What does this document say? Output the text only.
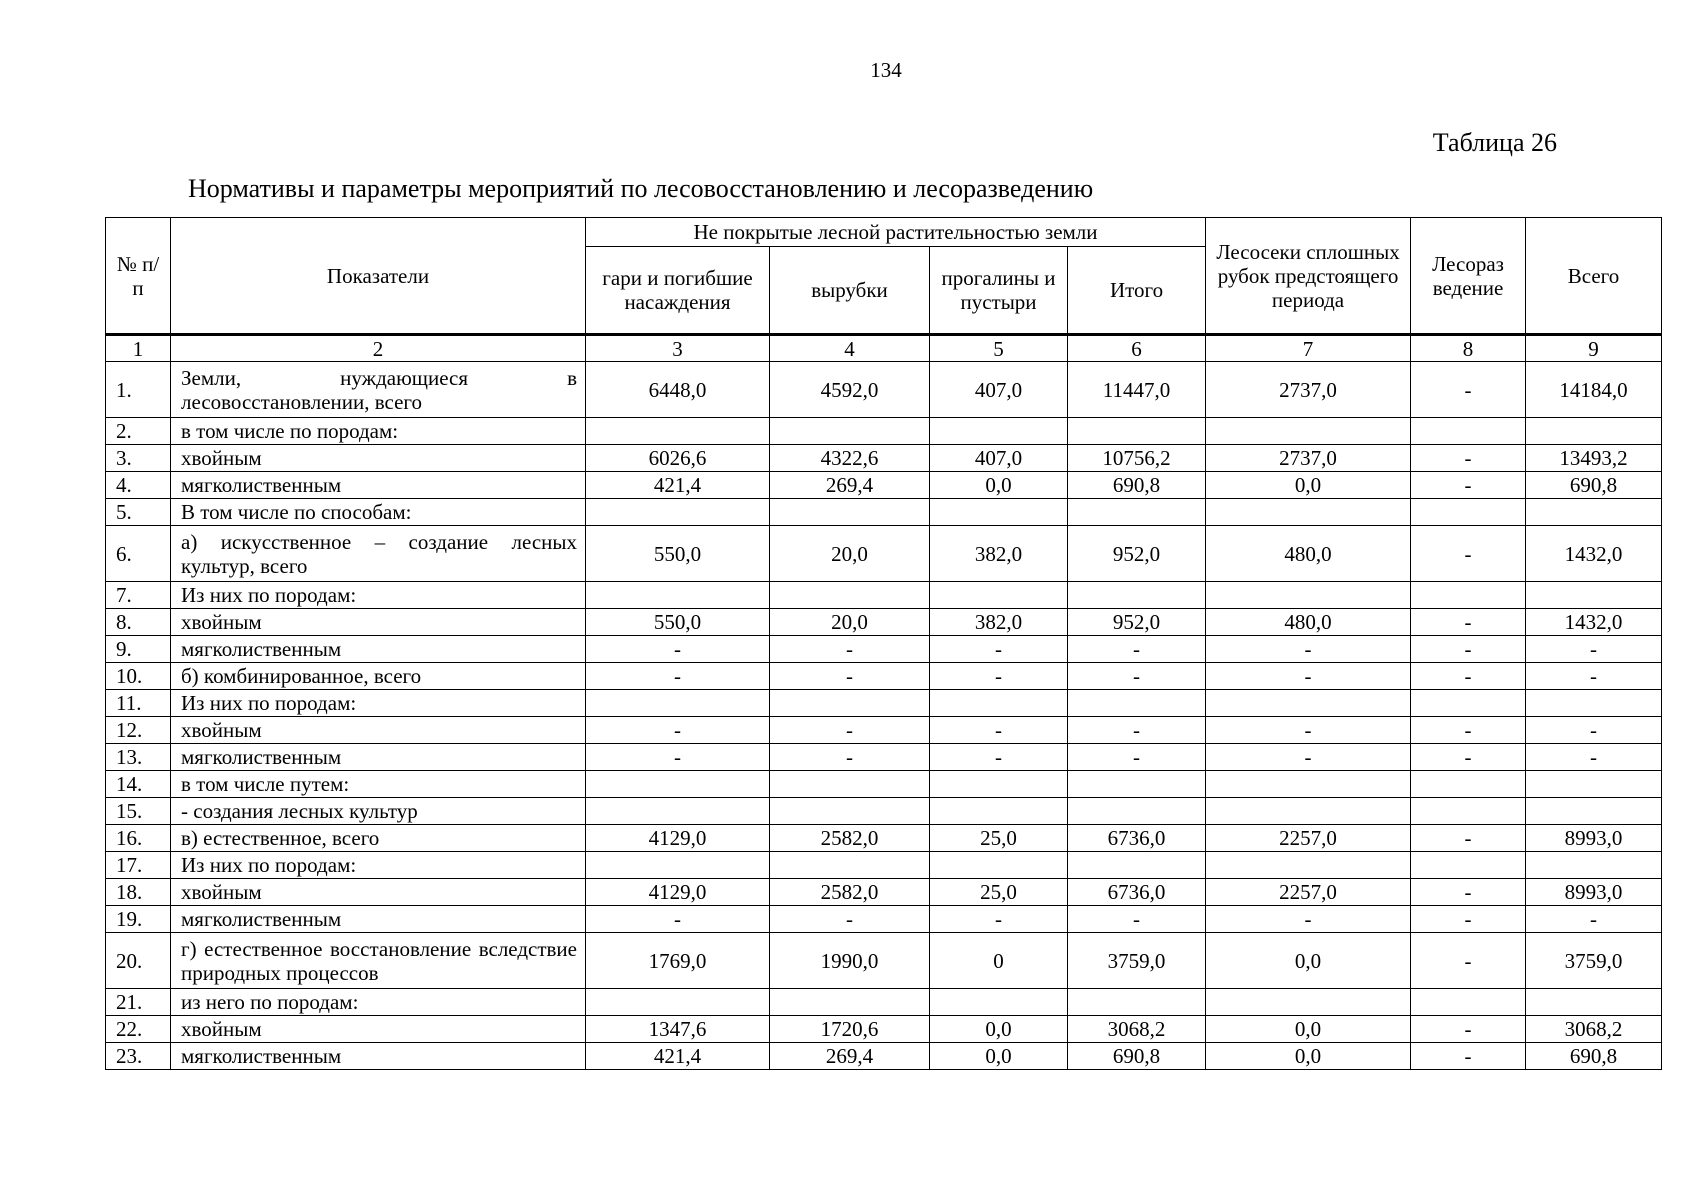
134
Таблица 26
Нормативы и параметры мероприятий по лесовосстановлению и лесоразведению
№ п/п	Показатели	Не покрытые лесной растительностью земли				Лесосеки сплошных рубок предстоящего периода	Лесораз ведение	Всего
		гари и погибшие насаждения	вырубки	прогалины и пустыри	Итого			
1	2	3	4	5	6	7	8	9
1.	Земли, нуждающиеся в лесовосстановлении, всего	6448,0	4592,0	407,0	11447,0	2737,0	-	14184,0
2.	в том числе по породам:							
3.	хвойным	6026,6	4322,6	407,0	10756,2	2737,0	-	13493,2
4.	мягколиственным	421,4	269,4	0,0	690,8	0,0	-	690,8
5.	В том числе по способам:							
6.	а) искусственное – создание лесных культур, всего	550,0	20,0	382,0	952,0	480,0	-	1432,0
7.	Из них по породам:							
8.	хвойным	550,0	20,0	382,0	952,0	480,0	-	1432,0
9.	мягколиственным	-	-	-	-	-	-	-
10.	б) комбинированное, всего	-	-	-	-	-	-	-
11.	Из них по породам:							
12.	хвойным	-	-	-	-	-	-	-
13.	мягколиственным	-	-	-	-	-	-	-
14.	в том числе путем:							
15.	- создания лесных культур							
16.	в) естественное, всего	4129,0	2582,0	25,0	6736,0	2257,0	-	8993,0
17.	Из них по породам:							
18.	хвойным	4129,0	2582,0	25,0	6736,0	2257,0	-	8993,0
19.	мягколиственным	-	-	-	-	-	-	-
20.	г) естественное восстановление вследствие природных процессов	1769,0	1990,0	0	3759,0	0,0	-	3759,0
21.	из него по породам:							
22.	хвойным	1347,6	1720,6	0,0	3068,2	0,0	-	3068,2
23.	мягколиственным	421,4	269,4	0,0	690,8	0,0	-	690,8
